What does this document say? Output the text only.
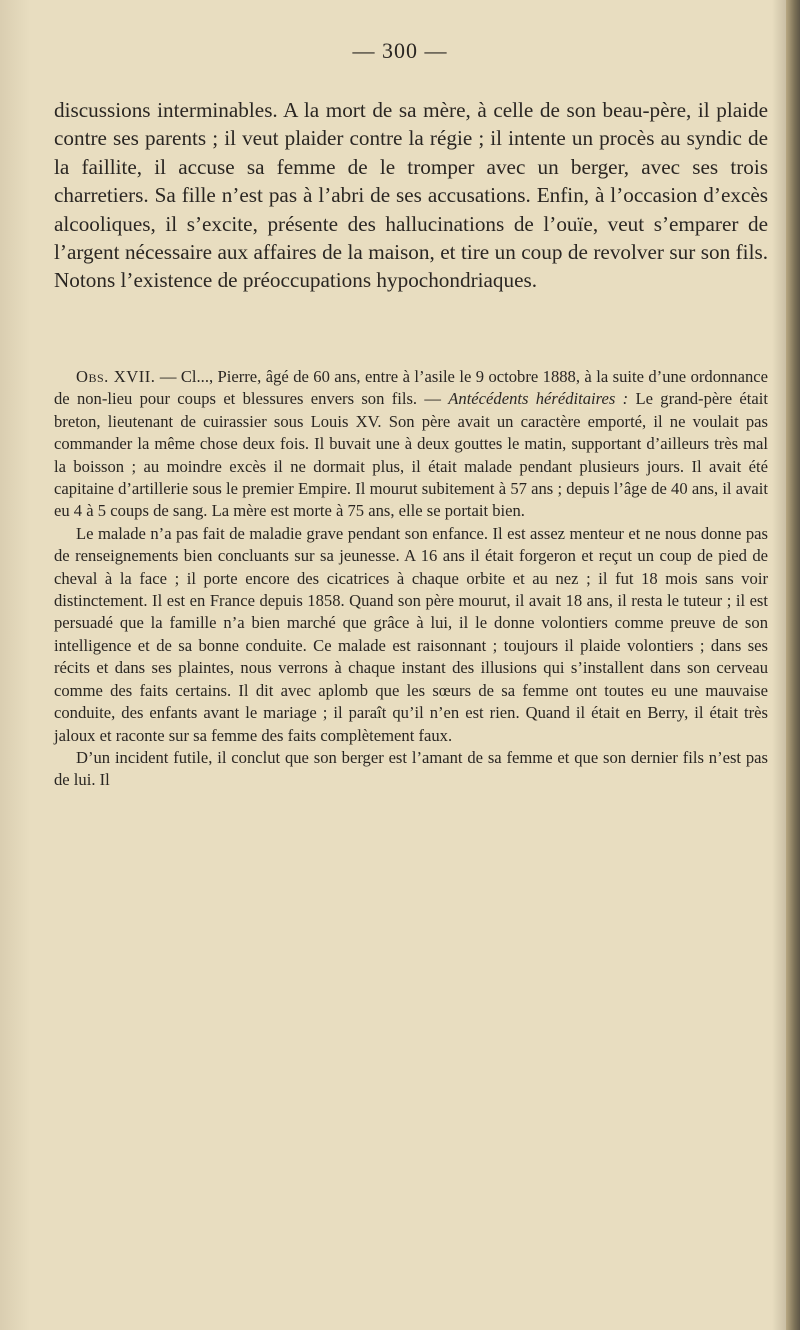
— 300 —

discussions interminables. A la mort de sa mère, à celle de son beau-père, il plaide contre ses parents ; il veut plaider contre la régie ; il intente un procès au syndic de la faillite, il accuse sa femme de le tromper avec un berger, avec ses trois charretiers. Sa fille n’est pas à l’abri de ses accusations. Enfin, à l’occasion d’excès alcooliques, il s’excite, présente des hallucinations de l’ouïe, veut s’emparer de l’argent nécessaire aux affaires de la maison, et tire un coup de revolver sur son fils. Notons l’existence de préoccupations hypochondriaques.

Obs. XVII. — Cl..., Pierre, âgé de 60 ans, entre à l’asile le 9 octobre 1888, à la suite d’une ordonnance de non-lieu pour coups et blessures envers son fils. — Antécédents héréditaires : Le grand-père était breton, lieutenant de cuirassier sous Louis XV. Son père avait un caractère emporté, il ne voulait pas commander la même chose deux fois. Il buvait une à deux gouttes le matin, supportant d’ailleurs très mal la boisson ; au moindre excès il ne dormait plus, il était malade pendant plusieurs jours. Il avait été capitaine d’artillerie sous le premier Empire. Il mourut subitement à 57 ans ; depuis l’âge de 40 ans, il avait eu 4 à 5 coups de sang. La mère est morte à 75 ans, elle se portait bien.

Le malade n’a pas fait de maladie grave pendant son enfance. Il est assez menteur et ne nous donne pas de renseignements bien concluants sur sa jeunesse. A 16 ans il était forgeron et reçut un coup de pied de cheval à la face ; il porte encore des cicatrices à chaque orbite et au nez ; il fut 18 mois sans voir distinctement. Il est en France depuis 1858. Quand son père mourut, il avait 18 ans, il resta le tuteur ; il est persuadé que la famille n’a bien marché que grâce à lui, il le donne volontiers comme preuve de son intelligence et de sa bonne conduite. Ce malade est raisonnant ; toujours il plaide volontiers ; dans ses récits et dans ses plaintes, nous verrons à chaque instant des illusions qui s’installent dans son cerveau comme des faits certains. Il dit avec aplomb que les sœurs de sa femme ont toutes eu une mauvaise conduite, des enfants avant le mariage ; il paraît qu’il n’en est rien. Quand il était en Berry, il était très jaloux et raconte sur sa femme des faits complètement faux.

D’un incident futile, il conclut que son berger est l’amant de sa femme et que son dernier fils n’est pas de lui. Il
